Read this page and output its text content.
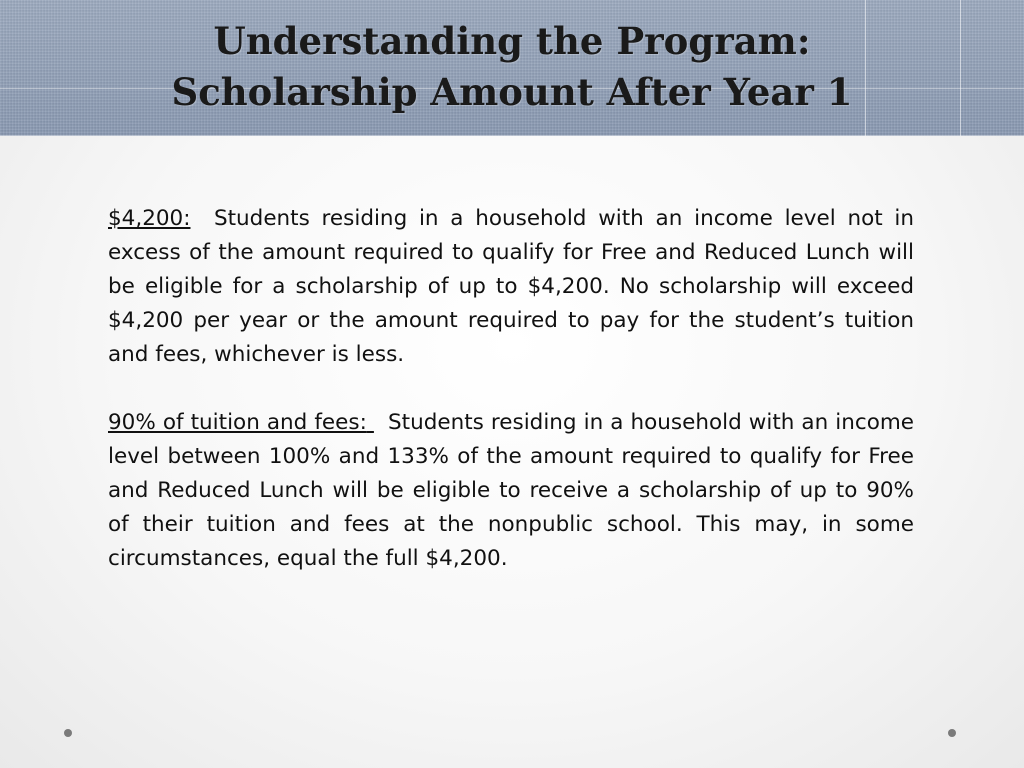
Understanding the Program:
Scholarship Amount After Year 1

$4,200: Students residing in a household with an income level not in excess of the amount required to qualify for Free and Reduced Lunch will be eligible for a scholarship of up to $4,200. No scholarship will exceed $4,200 per year or the amount required to pay for the student’s tuition and fees, whichever is less.

90% of tuition and fees: Students residing in a household with an income level between 100% and 133% of the amount required to qualify for Free and Reduced Lunch will be eligible to receive a scholarship of up to 90% of their tuition and fees at the nonpublic school. This may, in some circumstances, equal the full $4,200.
